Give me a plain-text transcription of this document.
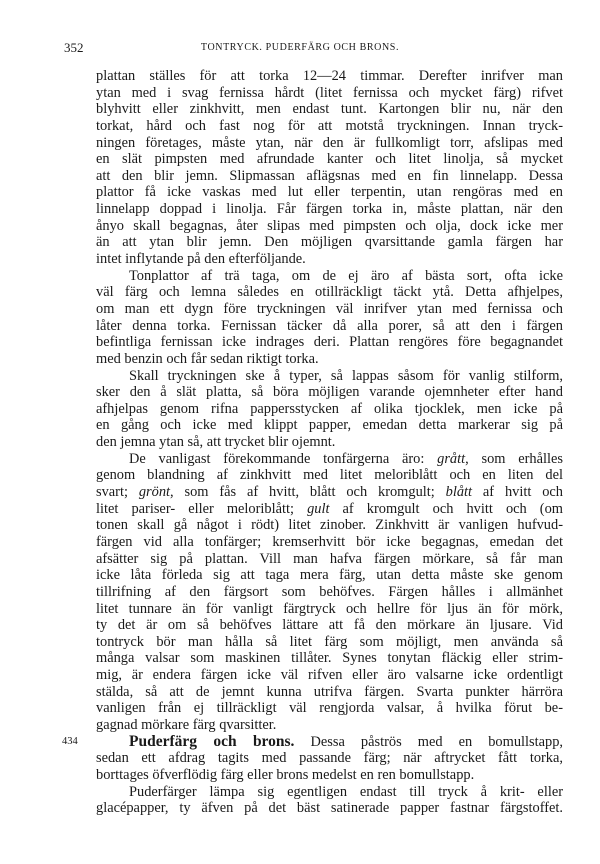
352	TONTRYCK. PUDERFÄRG OCH BRONS.
plattan ställes för att torka 12—24 timmar. Derefter inrifver man
ytan med i svag fernissa hårdt (litet fernissa och mycket färg) rifvet
blyhvitt eller zinkhvitt, men endast tunt. Kartongen blir nu, när den
torkat, hård och fast nog för att motstå tryckningen. Innan tryck-
ningen företages, måste ytan, när den är fullkomligt torr, afslipas med
en slät pimpsten med afrundade kanter och litet linolja, så mycket
att den blir jemn. Slipmassan aflägsnas med en fin linnelapp. Dessa
plattor få icke vaskas med lut eller terpentin, utan rengöras med en
linnelapp doppad i linolja. Får färgen torka in, måste plattan, när den
ånyo skall begagnas, åter slipas med pimpsten och olja, dock icke mer
än att ytan blir jemn. Den möjligen qvarsittande gamla färgen har
intet inflytande på den efterföljande.
Tonplattor af trä taga, om de ej äro af bästa sort, ofta icke
väl färg och lemna således en otillräckligt täckt ytå. Detta afhjelpes,
om man ett dygn före tryckningen väl inrifver ytan med fernissa och
låter denna torka. Fernissan täcker då alla porer, så att den i färgen
befintliga fernissan icke indrages deri. Plattan rengöres före begagnandet
med benzin och får sedan riktigt torka.
Skall tryckningen ske å typer, så lappas såsom för vanlig stilform,
sker den å slät platta, så böra möjligen varande ojemnheter efter hand
afhjelpas genom rifna pappersstycken af olika tjocklek, men icke på
en gång och icke med klippt papper, emedan detta markerar sig på
den jemna ytan så, att trycket blir ojemnt.
De vanligast förekommande tonfärgerna äro: grått, som erhålles
genom blandning af zinkhvitt med litet meloriblått och en liten del
svart; grönt, som fås af hvitt, blått och kromgult; blått af hvitt och
litet pariser- eller meloriblått; gult af kromgult och hvitt och (om
tonen skall gå något i rödt) litet zinober. Zinkhvitt är vanligen hufvud-
färgen vid alla tonfärger; kremserhvitt bör icke begagnas, emedan det
afsätter sig på plattan. Vill man hafva färgen mörkare, så får man
icke låta förleda sig att taga mera färg, utan detta måste ske genom
tillrifning af den färgsort som behöfves. Färgen hålles i allmänhet
litet tunnare än för vanligt färgtryck och hellre för ljus än för mörk,
ty det är om så behöfves lättare att få den mörkare än ljusare. Vid
tontryck bör man hålla så litet färg som möjligt, men använda så
många valsar som maskinen tillåter. Synes tonytan fläckig eller strim-
mig, är endera färgen icke väl rifven eller äro valsarne icke ordentligt
stälda, så att de jemnt kunna utrifva färgen. Svarta punkter härröra
vanligen från ej tillräckligt väl rengjorda valsar, å hvilka förut be-
gagnad mörkare färg qvarsitter.
434	Puderfärg och brons. Dessa påströs med en bomullstapp,
sedan ett afdrag tagits med passande färg; när aftrycket fått torka,
borttages öfverflödig färg eller brons medelst en ren bomullstapp.
Puderfärger lämpa sig egentligen endast till tryck å krit- eller
glacépapper, ty äfven på det bäst satinerade papper fastnar färgstoffet.
